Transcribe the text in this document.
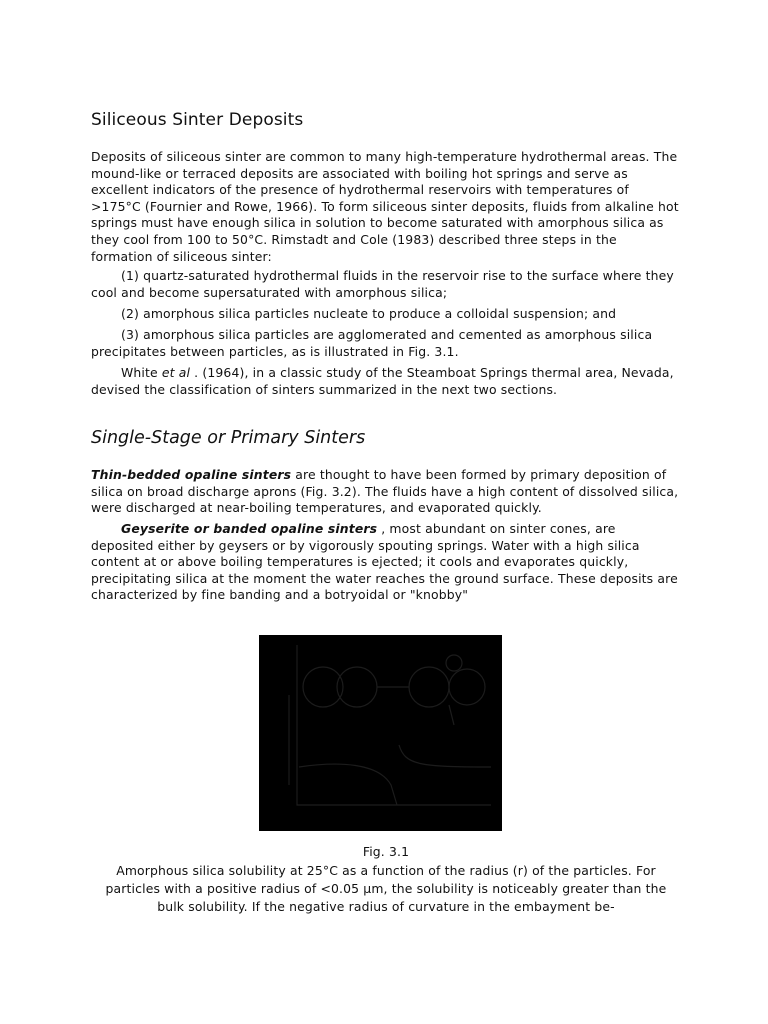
Siliceous Sinter Deposits

Deposits of siliceous sinter are common to many high-temperature hydrothermal areas. The mound-like or terraced deposits are associated with boiling hot springs and serve as excellent indicators of the presence of hydrothermal reservoirs with temperatures of >175°C (Fournier and Rowe, 1966). To form siliceous sinter deposits, fluids from alkaline hot springs must have enough silica in solution to become saturated with amorphous silica as they cool from 100 to 50°C. Rimstadt and Cole (1983) described three steps in the formation of siliceous sinter:

(1) quartz-saturated hydrothermal fluids in the reservoir rise to the surface where they cool and become supersaturated with amorphous silica;

(2) amorphous silica particles nucleate to produce a colloidal suspension; and

(3) amorphous silica particles are agglomerated and cemented as amorphous silica precipitates between particles, as is illustrated in Fig. 3.1.

White et al . (1964), in a classic study of the Steamboat Springs thermal area, Nevada, devised the classification of sinters summarized in the next two sections.

Single-Stage or Primary Sinters

Thin-bedded opaline sinters are thought to have been formed by primary deposition of silica on broad discharge aprons (Fig. 3.2). The fluids have a high content of dissolved silica, were discharged at near-boiling temperatures, and evaporated quickly.

Geyserite or banded opaline sinters , most abundant on sinter cones, are deposited either by geysers or by vigorously spouting springs. Water with a high silica content at or above boiling temperatures is ejected; it cools and evaporates quickly, precipitating silica at the moment the water reaches the ground surface. These deposits are characterized by fine banding and a botryoidal or "knobby"

Fig. 3.1

Amorphous silica solubility at 25°C as a function of the radius (r) of the particles. For particles with a positive radius of <0.05 µm, the solubility is noticeably greater than the bulk solubility. If the negative radius of curvature in the embayment be-
